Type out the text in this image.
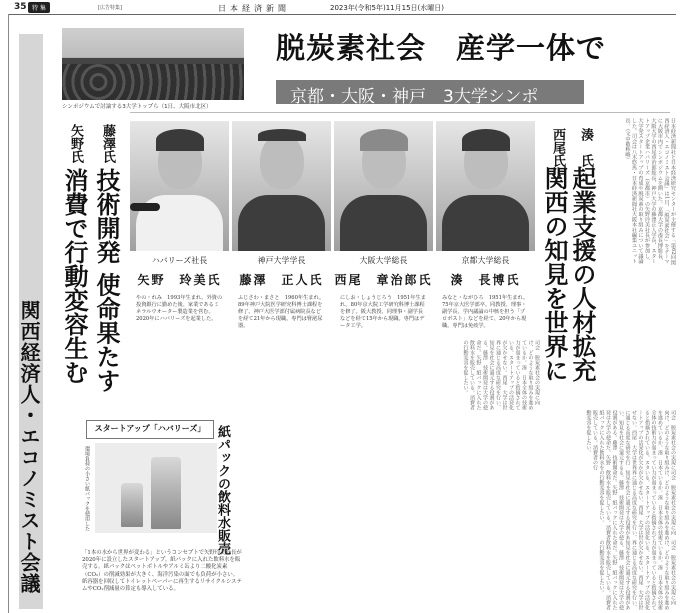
35 特 集	[広告特集]	日本経済新聞	2023年(令和5年)11月15日(水曜日)
関西経済人・エコノミスト会議
シンポジウムで討論する3大学トップら（1日、大阪市北区）
脱炭素社会　産学一体で
京都・大阪・神戸　3大学シンポ
日本経済新聞社と日本経済研究センターが主催する「第62回関西経済人・エコノミスト会議」は1日、「脱炭素社会」をテーマに大阪市内でシンポジウムを開いた。京都大学の湊長博総長、大阪大学の西尾章治郎総長、神戸大学の藤澤正人学長、スタートアップ企業ハバリーズ（京都市）の矢野玲美社長が参加し、大学発スタートアップの育成や脱炭素の取り組みについて議論した。司会は八木悠馬・日本経済新聞社大阪本社編集ユニット長。（文中敬称略）
湊　氏
起業支援の人材拡充
西尾氏
関西の知見を世界に
藤澤氏
技術開発 使命果たす
矢野氏
消費で行動変容生む	ハバリーズ社長	神戸大学学長	大阪大学総長	京都大学総長
矢野　玲美氏	藤澤　正人氏 西尾　章治郎氏	湊　長博氏
やの・れみ　1993年生まれ。外資の投資銀行に勤めた後、家業であるミネラルウオーター製造業を営む。2020年にハバリーズを起業した。
ふじさわ・まさと　1960年生まれ。89年神戸大院医学研究科博士課程を修了。神戸大医学部付属病院長などを経て21年から現職。専門は腎泌尿器。
にしお・しょうじろう　1951年生まれ。80年京大院工学研究科博士課程を修了。阪大教授、同理事・副学長などを経て15年から現職。専門はデータ工学。
みなと・ながひろ　1951年生まれ。75年京大医学部卒。同教授、理事・副学長、学内議論の中核を担う「プロボスト」などを経て、20年から現職。専門は免疫学。
司会　脱炭素社会の実現に向け、どのような取り組みを進めているか。湊　日本全体の技術力が弱まっていると指摘されている。スタートアップの活発化が欠かせない。西尾　大学は世界に通じる高度な研究を行い、知見を社会に還元する役割がある。藤澤　技術開発は大学の使命だ。矢野　紙パックに入れた飲料水を販売している。消費者の行動変容を促したい。
司会　脱炭素社会の実現に向け、どのような取り組みを進めているか。湊　日本全体の技術力が弱まっていると指摘されている。スタートアップの活発化が欠かせない。西尾　大学は世界に通じる高度な研究を行い、知見を社会に還元する役割がある。藤澤　技術開発は大学の使命だ。矢野　紙パックに入れた飲料水を販売している。消費者の行動変容を促したい。
司会　脱炭素社会の実現に向け、どのような取り組みを進めているか。湊　日本全体の技術力が弱まっていると指摘されている。スタートアップの活発化が欠かせない。西尾　大学は世界に通じる高度な研究を行い、知見を社会に還元する役割がある。藤澤　技術開発は大学の使命だ。矢野　紙パックに入れた飲料水を販売している。消費者の行動変容を促したい。
司会　脱炭素社会の実現に向け、どのような取り組みを進めているか。湊　日本全体の技術力が弱まっていると指摘されている。スタートアップの活発化が欠かせない。西尾　大学は世界に通じる高度な研究を行い、知見を社会に還元する役割がある。藤澤　技術開発は大学の使命だ。矢野　紙パックに入れた飲料水を販売している。消費者の行動変容を促したい。
スタートアップ「ハバリーズ」
環境負荷の小さい紙パックを使用した	紙パックの飲料水販売
「1本の水から世界が変わる」というコンセプトで矢野玲美社長が2020年に設立したスタートアップ。紙パックに入れた飲料水を販売する。紙パックはペットボトルやアルミ缶より二酸化炭素（CO₂）の削減効果が大きく、海洋汚染の面でも負荷が小さい。紙容器を回収してトイレットペーパーに再生するリサイクルシステムやCO₂削減量の算定も導入している。
